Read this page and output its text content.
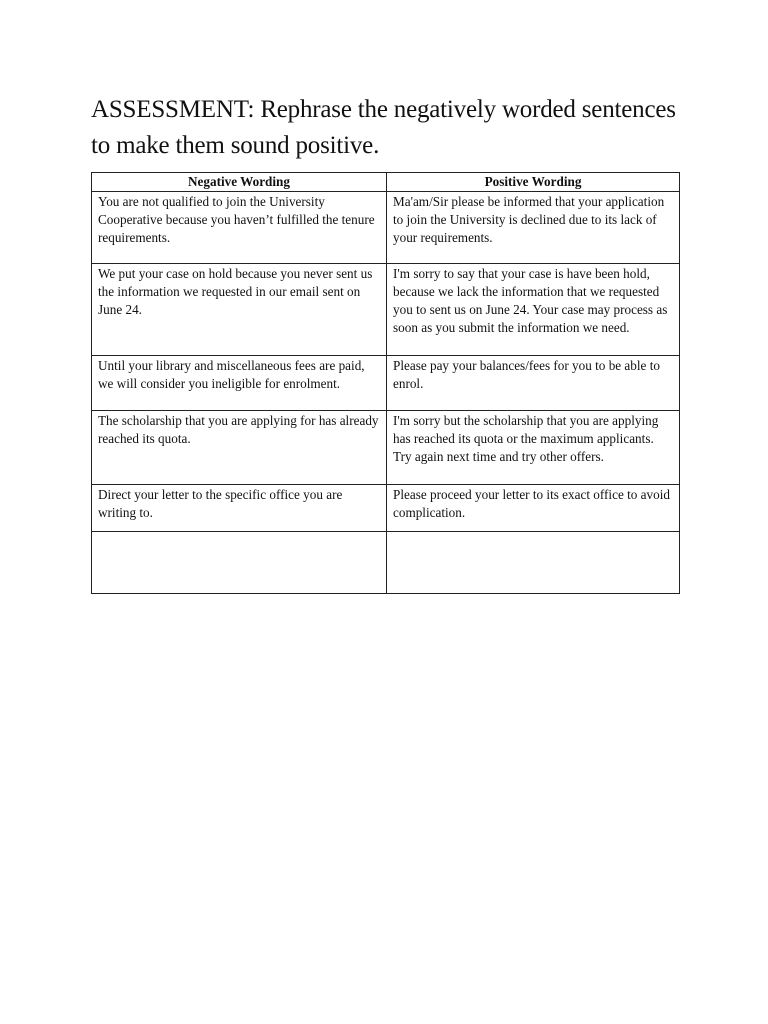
ASSESSMENT: Rephrase the negatively worded sentences to make them sound positive.
Negative Wording	Positive Wording
You are not qualified to join the University Cooperative because you haven’t fulfilled the tenure requirements.	Ma'am/Sir please be informed that your application to join the University is declined due to its lack of your requirements.
We put your case on hold because you never sent us the information we requested in our email sent on June 24.	I'm sorry to say that your case is have been hold, because we lack the information that we requested you to sent us on June 24. Your case may process as soon as you submit the information we need.
Until your library and miscellaneous fees are paid, we will consider you ineligible for enrolment.	Please pay your balances/fees for you to be able to enrol.
The scholarship that you are applying for has already reached its quota.	I'm sorry but the scholarship that you are applying has reached its quota or the maximum applicants. Try again next time and try other offers.
Direct your letter to the specific office you are writing to.	Please proceed your letter to its exact office to avoid complication.
